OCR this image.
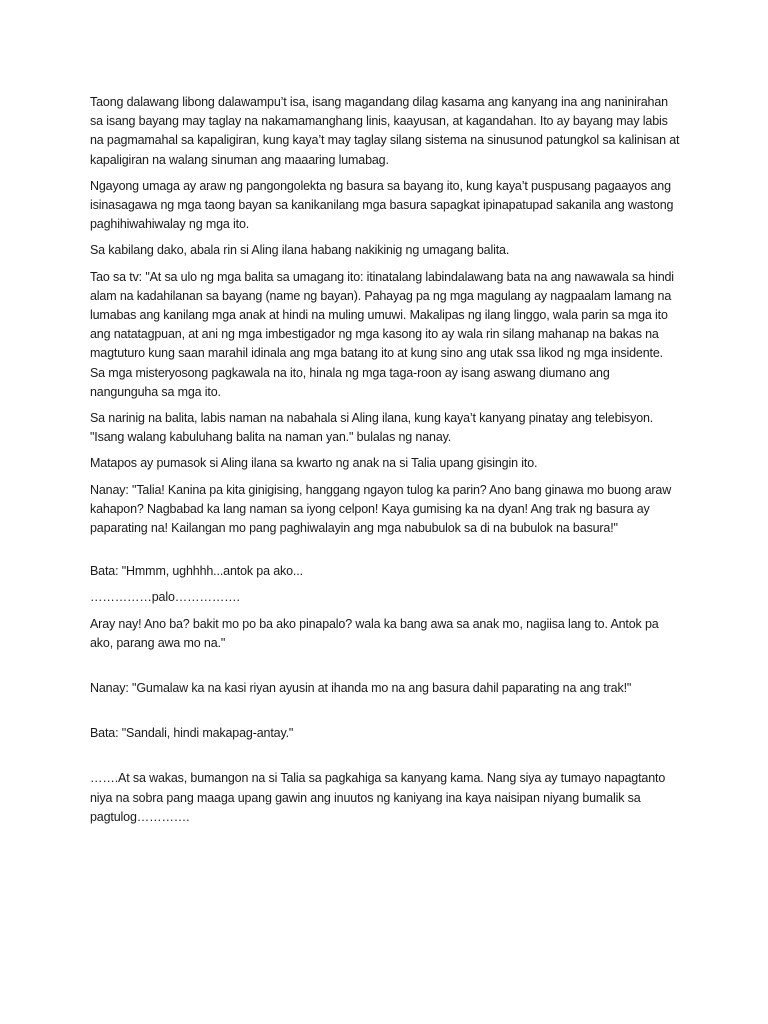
Taong dalawang libong dalawampu’t isa, isang magandang dilag kasama ang kanyang ina ang naninirahan sa isang bayang may taglay na nakamamanghang linis, kaayusan, at kagandahan. Ito ay bayang may labis na pagmamahal sa kapaligiran, kung kaya’t may taglay silang sistema na sinusunod patungkol sa kalinisan at kapaligiran na walang sinuman ang maaaring lumabag.

Ngayong umaga ay araw ng pangongolekta ng basura sa bayang ito, kung kaya’t puspusang pagaayos ang isinasagawa ng mga taong bayan sa kanikanilang mga basura sapagkat ipinapatupad sakanila ang wastong paghihiwahiwalay ng mga ito.

Sa kabilang dako, abala rin si Aling ilana habang nakikinig ng umagang balita.

Tao sa tv: "At sa ulo ng mga balita sa umagang ito: itinatalang labindalawang bata na ang nawawala sa hindi alam na kadahilanan sa bayang (name ng bayan). Pahayag pa ng mga magulang ay nagpaalam lamang na lumabas ang kanilang mga anak at hindi na muling umuwi. Makalipas ng ilang linggo, wala parin sa mga ito ang natatagpuan, at ani ng mga imbestigador ng mga kasong ito ay wala rin silang mahanap na bakas na magtuturo kung saan marahil idinala ang mga batang ito at kung sino ang utak ssa likod ng mga insidente. Sa mga misteryosong pagkawala na ito, hinala ng mga taga-roon ay isang aswang diumano ang nangunguha sa mga ito.

Sa narinig na balita, labis naman na nabahala si Aling ilana, kung kaya’t kanyang pinatay ang telebisyon. "Isang walang kabuluhang balita na naman yan." bulalas ng nanay.

Matapos ay pumasok si Aling ilana sa kwarto ng anak na si Talia upang gisingin ito.

Nanay: "Talia! Kanina pa kita ginigising, hanggang ngayon tulog ka parin? Ano bang ginawa mo buong araw kahapon? Nagbabad ka lang naman sa iyong celpon! Kaya gumising ka na dyan! Ang trak ng basura ay paparating na! Kailangan mo pang paghiwalayin ang mga nabubulok sa di na bubulok na basura!"

Bata: "Hmmm, ughhhh...antok pa ako...

……………palo…………….

Aray nay! Ano ba? bakit mo po ba ako pinapalo? wala ka bang awa sa anak mo, nagiisa lang to. Antok pa ako, parang awa mo na."

Nanay: "Gumalaw ka na kasi riyan ayusin at ihanda mo na ang basura dahil paparating na ang trak!"

Bata: "Sandali, hindi makapag-antay."

…….At sa wakas, bumangon na si Talia sa pagkahiga sa kanyang kama. Nang siya ay tumayo napagtanto niya na sobra pang maaga upang gawin ang inuutos ng kaniyang ina kaya naisipan niyang bumalik sa pagtulog………….
